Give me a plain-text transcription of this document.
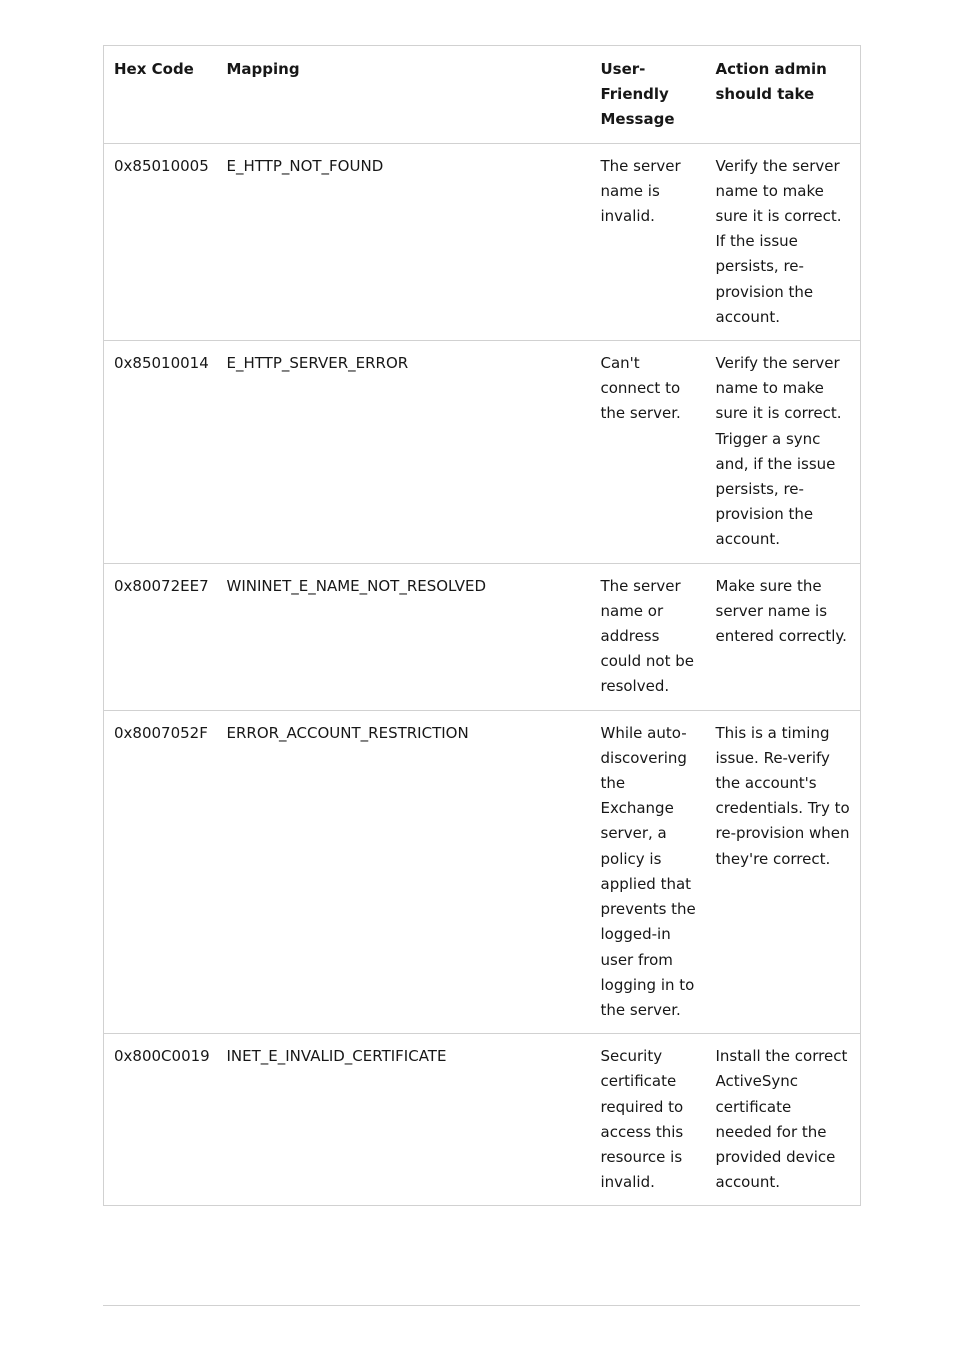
Hex Code	Mapping	User-Friendly Message	Action admin should take
0x85010005	E_HTTP_NOT_FOUND	The server name is invalid.	Verify the server name to make sure it is correct. If the issue persists, re-provision the account.
0x85010014	E_HTTP_SERVER_ERROR	Can't connect to the server.	Verify the server name to make sure it is correct. Trigger a sync and, if the issue persists, re-provision the account.
0x80072EE7	WININET_E_NAME_NOT_RESOLVED	The server name or address could not be resolved.	Make sure the server name is entered correctly.
0x8007052F	ERROR_ACCOUNT_RESTRICTION	While auto-discovering the Exchange server, a policy is applied that prevents the logged-in user from logging in to the server.	This is a timing issue. Re-verify the account's credentials. Try to re-provision when they're correct.
0x800C0019	INET_E_INVALID_CERTIFICATE	Security certificate required to access this resource is invalid.	Install the correct ActiveSync certificate needed for the provided device account.
